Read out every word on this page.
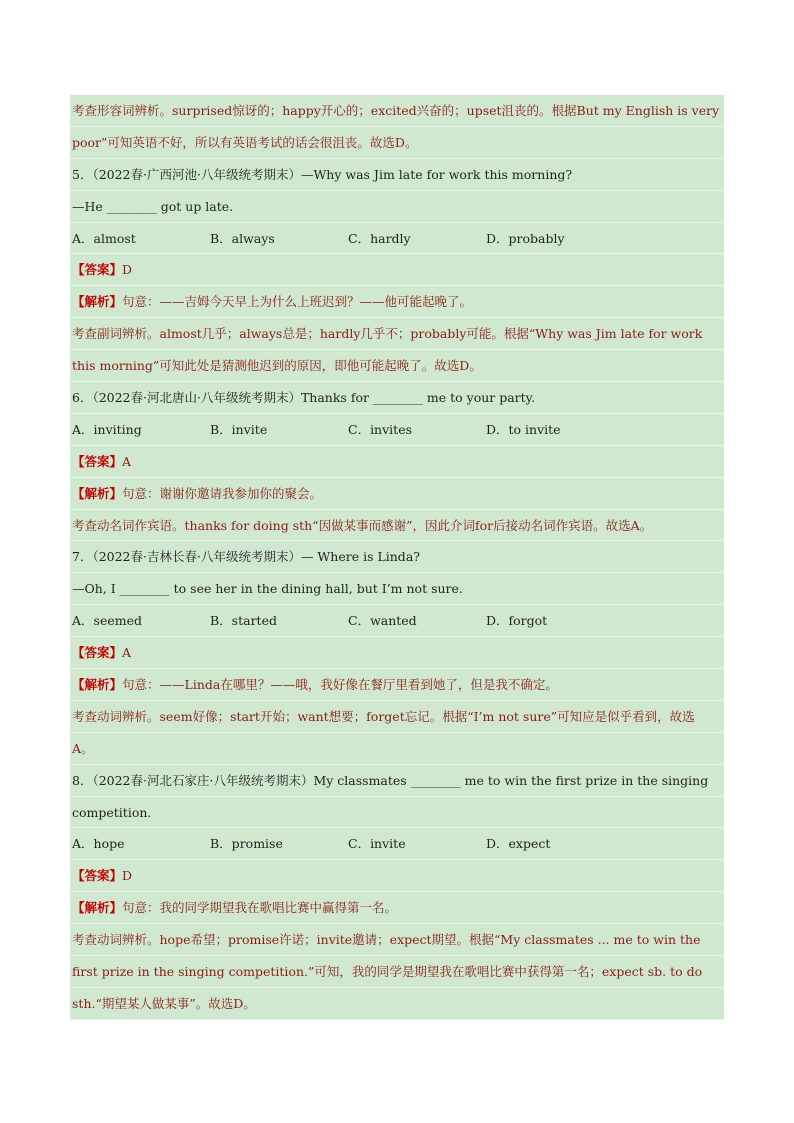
考查形容词辨析。surprised惊讶的；happy开心的；excited兴奋的；upset沮丧的。根据But my English is very
poor”可知英语不好，所以有英语考试的话会很沮丧。故选D。
5．（2022春·广西河池·八年级统考期末）—Why was Jim late for work this morning?
—He ________ got up late.
A．almost	B．always	C．hardly	D．probably
【答案】D
【解析】句意：——吉姆今天早上为什么上班迟到？——他可能起晚了。
考查副词辨析。almost几乎；always总是；hardly几乎不；probably可能。根据“Why was Jim late for work
this morning”可知此处是猜测他迟到的原因，即他可能起晚了。故选D。
6．（2022春·河北唐山·八年级统考期末）Thanks for ________ me to your party.
A．inviting	B．invite	C．invites	D．to invite
【答案】A
【解析】句意：谢谢你邀请我参加你的聚会。
考查动名词作宾语。thanks for doing sth“因做某事而感谢”，因此介词for后接动名词作宾语。故选A。
7．（2022春·吉林长春·八年级统考期末）— Where is Linda?
—Oh, I ________ to see her in the dining hall, but I’m not sure.
A．seemed	B．started	C．wanted	D．forgot
【答案】A
【解析】句意：——Linda在哪里？——哦，我好像在餐厅里看到她了，但是我不确定。
考查动词辨析。seem好像；start开始；want想要；forget忘记。根据“I’m not sure”可知应是似乎看到，故选
A。
8．（2022春·河北石家庄·八年级统考期末）My classmates ________ me to win the first prize in the singing
competition.
A．hope	B．promise	C．invite	D．expect
【答案】D
【解析】句意：我的同学期望我在歌唱比赛中赢得第一名。
考查动词辨析。hope希望；promise许诺；invite邀请；expect期望。根据“My classmates ... me to win the
first prize in the singing competition.”可知，我的同学是期望我在歌唱比赛中获得第一名；expect sb. to do
sth.“期望某人做某事”。故选D。
